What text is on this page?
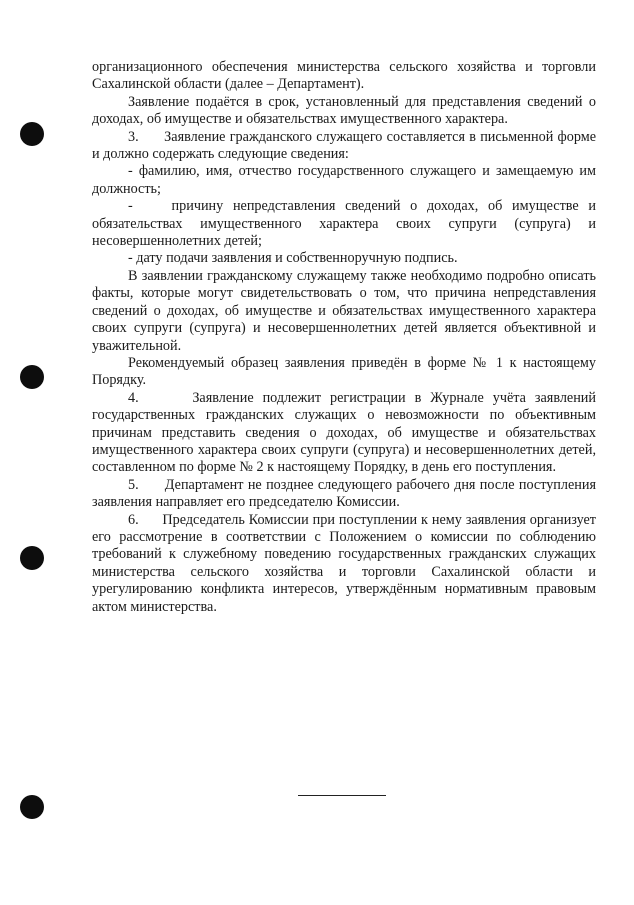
организационного обеспечения министерства сельского хозяйства и торговли Сахалинской области (далее – Департамент).

Заявление подаётся в срок, установленный для представления сведений о доходах, об имуществе и обязательствах имущественного характера.

3.      Заявление гражданского служащего составляется в письменной форме и должно содержать следующие сведения:

- фамилию, имя, отчество государственного служащего и замещаемую им должность;

-    причину непредставления сведений о доходах, об имуществе и обязательствах имущественного характера своих супруги (супруга) и несовершеннолетних детей;

- дату подачи заявления и собственноручную подпись.

В заявлении гражданскому служащему также необходимо подробно описать факты, которые могут свидетельствовать о том, что причина непредставления сведений о доходах, об имуществе и обязательствах имущественного характера своих супруги (супруга) и несовершеннолетних детей является объективной и уважительной.

Рекомендуемый образец заявления приведён в форме № 1 к настоящему Порядку.

4.      Заявление подлежит регистрации в Журнале учёта заявлений государственных гражданских служащих о невозможности по объективным причинам представить сведения о доходах, об имуществе и обязательствах имущественного характера своих супруги (супруга) и несовершеннолетних детей, составленном по форме № 2 к настоящему Порядку, в день его поступления.

5.      Департамент не позднее следующего рабочего дня после поступления заявления направляет его председателю Комиссии.

6.      Председатель Комиссии при поступлении к нему заявления организует его рассмотрение в соответствии с Положением о комиссии по соблюдению требований к служебному поведению государственных гражданских служащих министерства сельского хозяйства и торговли Сахалинской области и урегулированию конфликта интересов, утверждённым нормативным правовым актом министерства.
